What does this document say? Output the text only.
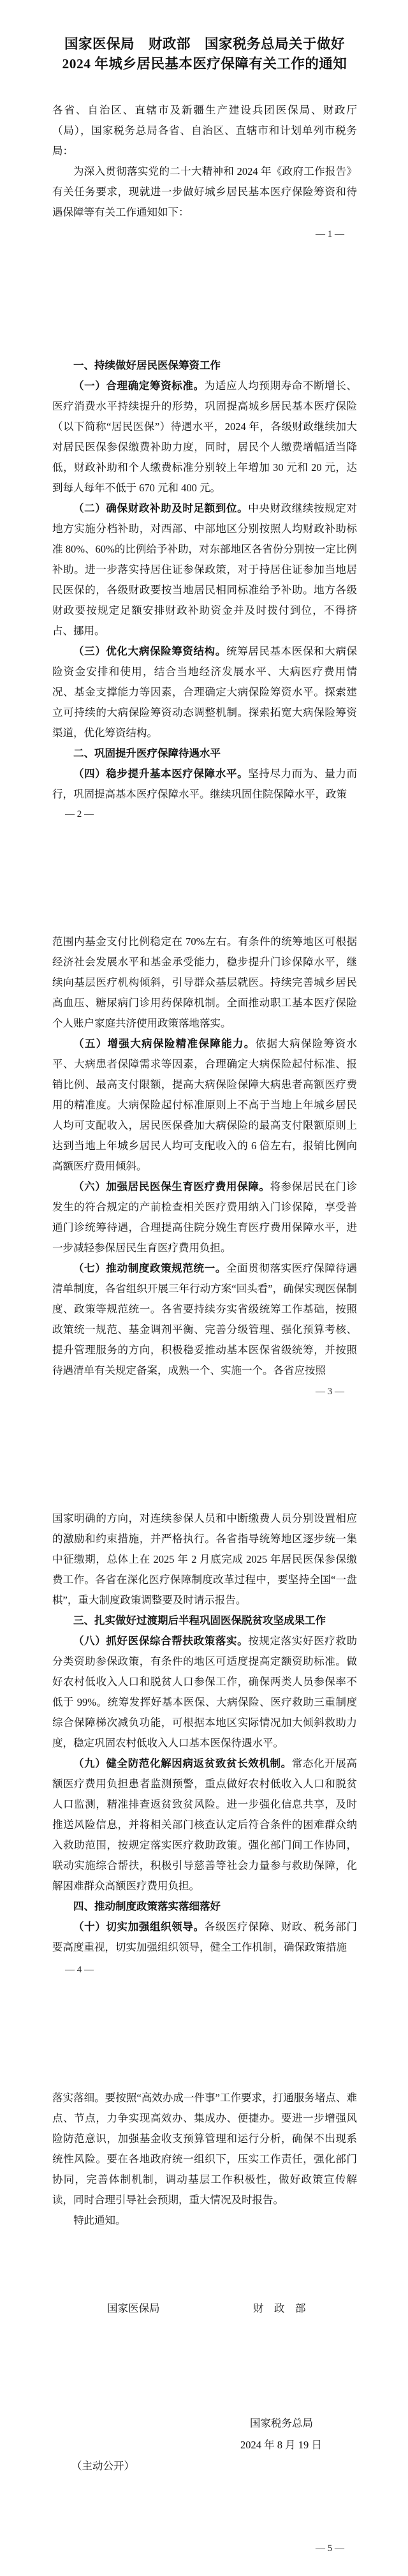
国家医保局　财政部　国家税务总局关于做好
2024 年城乡居民基本医疗保障有关工作的通知

各省、自治区、直辖市及新疆生产建设兵团医保局、财政厅（局），国家税务总局各省、自治区、直辖市和计划单列市税务局：

为深入贯彻落实党的二十大精神和 2024 年《政府工作报告》有关任务要求，现就进一步做好城乡居民基本医疗保险筹资和待遇保障等有关工作通知如下：

— 1 —

一、持续做好居民医保筹资工作

（一）合理确定筹资标准。为适应人均预期寿命不断增长、医疗消费水平持续提升的形势，巩固提高城乡居民基本医疗保险（以下简称“居民医保”）待遇水平，2024 年，各级财政继续加大对居民医保参保缴费补助力度，同时，居民个人缴费增幅适当降低，财政补助和个人缴费标准分别较上年增加 30 元和 20 元，达到每人每年不低于 670 元和 400 元。

（二）确保财政补助及时足额到位。中央财政继续按规定对地方实施分档补助，对西部、中部地区分别按照人均财政补助标准 80%、60%的比例给予补助，对东部地区各省份分别按一定比例补助。进一步落实持居住证参保政策，对于持居住证参加当地居民医保的，各级财政要按当地居民相同标准给予补助。地方各级财政要按规定足额安排财政补助资金并及时拨付到位，不得挤占、挪用。

（三）优化大病保险筹资结构。统筹居民基本医保和大病保险资金安排和使用，结合当地经济发展水平、大病医疗费用情况、基金支撑能力等因素，合理确定大病保险筹资水平。探索建立可持续的大病保险筹资动态调整机制。探索拓宽大病保险筹资渠道，优化筹资结构。

二、巩固提升医疗保障待遇水平

（四）稳步提升基本医疗保障水平。坚持尽力而为、量力而行，巩固提高基本医疗保障水平。继续巩固住院保障水平，政策

— 2 —

范围内基金支付比例稳定在 70%左右。有条件的统筹地区可根据经济社会发展水平和基金承受能力，稳步提升门诊保障水平，继续向基层医疗机构倾斜，引导群众基层就医。持续完善城乡居民高血压、糖尿病门诊用药保障机制。全面推动职工基本医疗保险个人账户家庭共济使用政策落地落实。

（五）增强大病保险精准保障能力。依据大病保险筹资水平、大病患者保障需求等因素，合理确定大病保险起付标准、报销比例、最高支付限额，提高大病保险保障大病患者高额医疗费用的精准度。大病保险起付标准原则上不高于当地上年城乡居民人均可支配收入，居民医保叠加大病保险的最高支付限额原则上达到当地上年城乡居民人均可支配收入的 6 倍左右，报销比例向高额医疗费用倾斜。

（六）加强居民医保生育医疗费用保障。将参保居民在门诊发生的符合规定的产前检查相关医疗费用纳入门诊保障，享受普通门诊统筹待遇，合理提高住院分娩生育医疗费用保障水平，进一步减轻参保居民生育医疗费用负担。

（七）推动制度政策规范统一。全面贯彻落实医疗保障待遇清单制度，各省组织开展三年行动方案“回头看”，确保实现医保制度、政策等规范统一。各省要持续夯实省级统筹工作基础，按照政策统一规范、基金调剂平衡、完善分级管理、强化预算考核、提升管理服务的方向，积极稳妥推动基本医保省级统筹，并按照待遇清单有关规定备案，成熟一个、实施一个。各省应按照

— 3 —

国家明确的方向，对连续参保人员和中断缴费人员分别设置相应的激励和约束措施，并严格执行。各省指导统筹地区逐步统一集中征缴期，总体上在 2025 年 2 月底完成 2025 年居民医保参保缴费工作。各省在深化医疗保障制度改革过程中，要坚持全国“一盘棋”，重大制度政策调整要及时请示报告。

三、扎实做好过渡期后半程巩固医保脱贫攻坚成果工作

（八）抓好医保综合帮扶政策落实。按规定落实好医疗救助分类资助参保政策，有条件的地区可适度提高定额资助标准。做好农村低收入人口和脱贫人口参保工作，确保两类人员参保率不低于 99%。统筹发挥好基本医保、大病保险、医疗救助三重制度综合保障梯次减负功能，可根据本地区实际情况加大倾斜救助力度，稳定巩固农村低收入人口基本医保待遇水平。

（九）健全防范化解因病返贫致贫长效机制。常态化开展高额医疗费用负担患者监测预警，重点做好农村低收入人口和脱贫人口监测，精准排查返贫致贫风险。进一步强化信息共享，及时推送风险信息，并将相关部门核查认定后符合条件的困难群众纳入救助范围，按规定落实医疗救助政策。强化部门间工作协同，联动实施综合帮扶，积极引导慈善等社会力量参与救助保障，化解困难群众高额医疗费用负担。

四、推动制度政策落实落细落好

（十）切实加强组织领导。各级医疗保障、财政、税务部门要高度重视，切实加强组织领导，健全工作机制，确保政策措施

— 4 —

落实落细。要按照“高效办成一件事”工作要求，打通服务堵点、难点、节点，力争实现高效办、集成办、便捷办。要进一步增强风险防范意识，加强基金收支预算管理和运行分析，确保不出现系统性风险。要在各地政府统一组织下，压实工作责任，强化部门协同，完善体制机制，调动基层工作积极性，做好政策宣传解读，同时合理引导社会预期，重大情况及时报告。

特此通知。

国家医保局	财　政　部
国家税务总局
2024 年 8 月 19 日
（主动公开）
— 5 —
